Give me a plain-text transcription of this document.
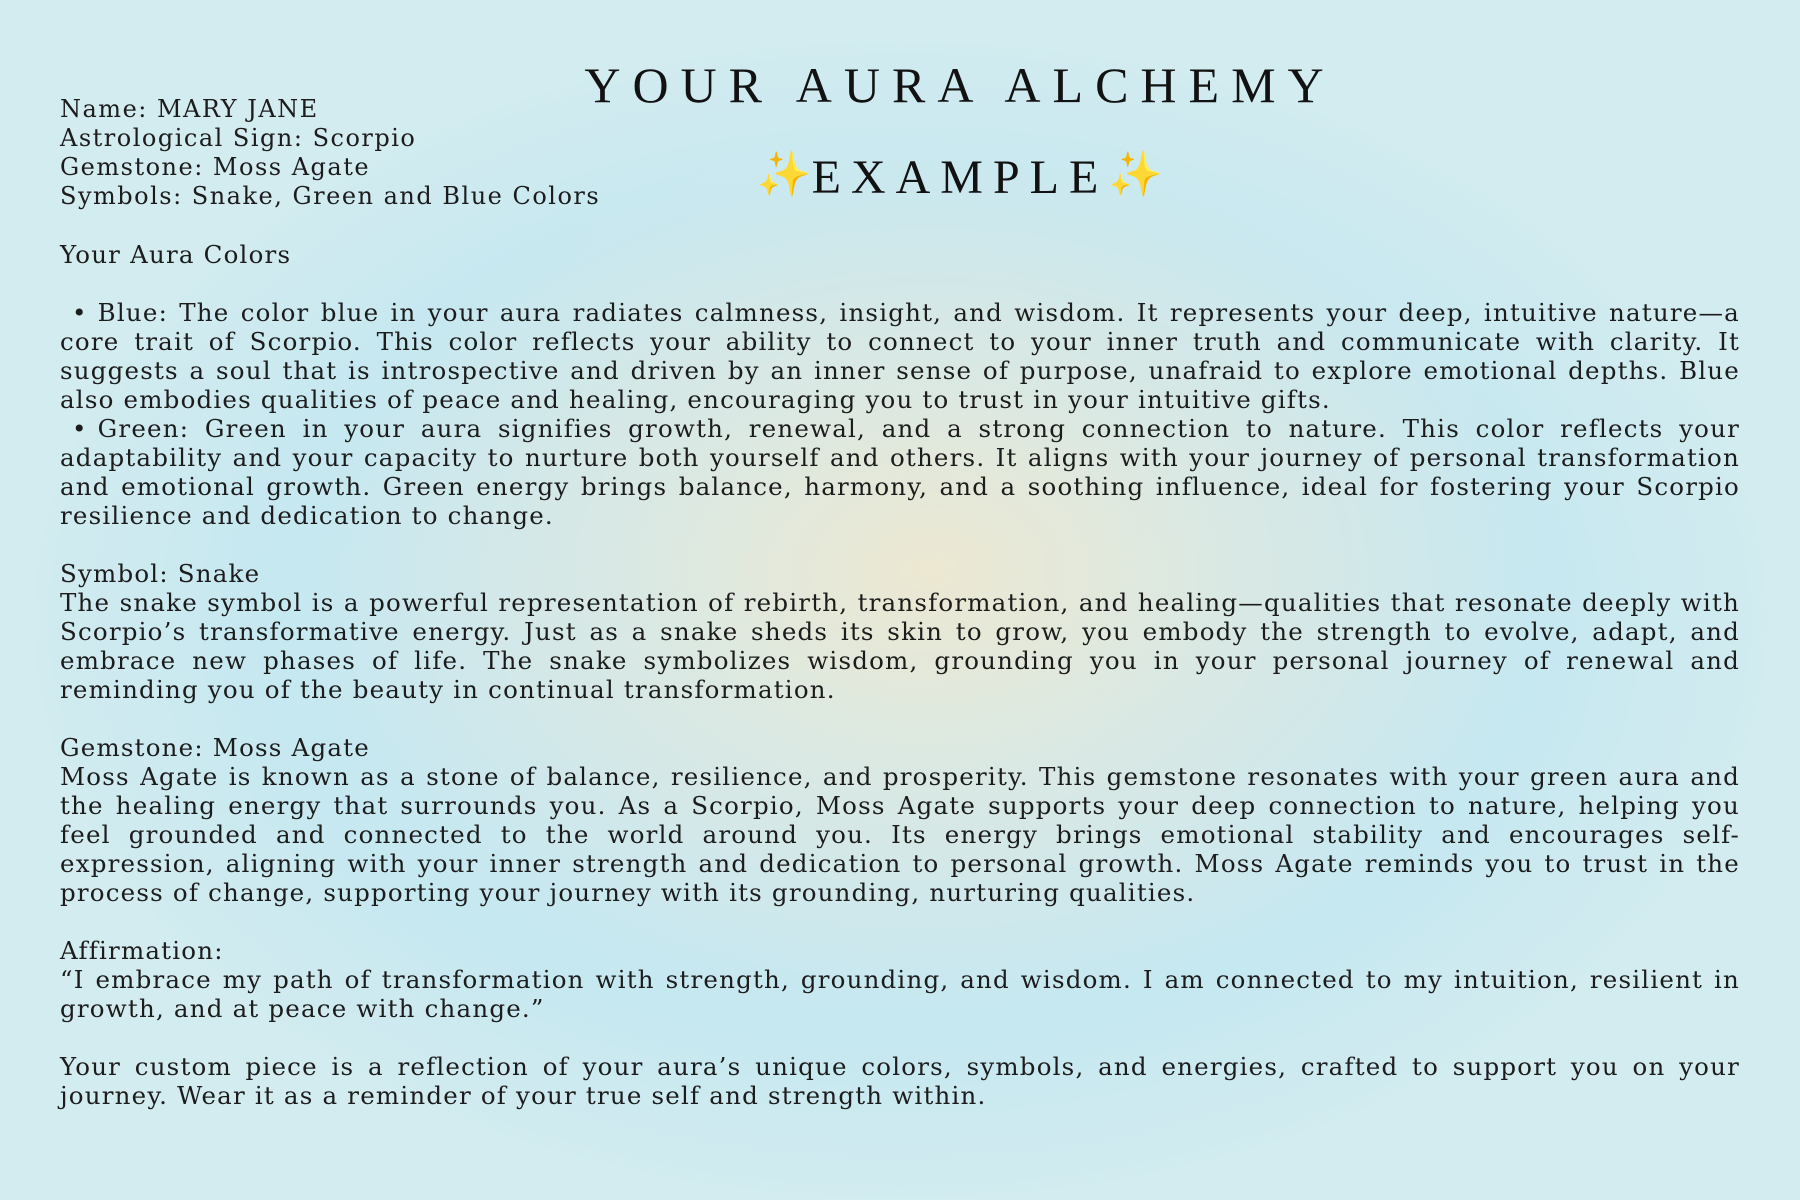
YOUR AURA ALCHEMY
✨EXAMPLE✨
Name: MARY JANE
Astrological Sign: Scorpio
Gemstone: Moss Agate
Symbols: Snake, Green and Blue Colors

Your Aura Colors

• Blue: The color blue in your aura radiates calmness, insight, and wisdom. It represents your deep, intuitive nature—a core trait of Scorpio. This color reflects your ability to connect to your inner truth and communicate with clarity. It suggests a soul that is introspective and driven by an inner sense of purpose, unafraid to explore emotional depths. Blue also embodies qualities of peace and healing, encouraging you to trust in your intuitive gifts.
• Green: Green in your aura signifies growth, renewal, and a strong connection to nature. This color reflects your adaptability and your capacity to nurture both yourself and others. It aligns with your journey of personal transformation and emotional growth. Green energy brings balance, harmony, and a soothing influence, ideal for fostering your Scorpio resilience and dedication to change.

Symbol: Snake

The snake symbol is a powerful representation of rebirth, transformation, and healing—qualities that resonate deeply with Scorpio’s transformative energy. Just as a snake sheds its skin to grow, you embody the strength to evolve, adapt, and embrace new phases of life. The snake symbolizes wisdom, grounding you in your personal journey of renewal and reminding you of the beauty in continual transformation.

Gemstone: Moss Agate

Moss Agate is known as a stone of balance, resilience, and prosperity. This gemstone resonates with your green aura and the healing energy that surrounds you. As a Scorpio, Moss Agate supports your deep connection to nature, helping you feel grounded and connected to the world around you. Its energy brings emotional stability and encourages self-expression, aligning with your inner strength and dedication to personal growth. Moss Agate reminds you to trust in the process of change, supporting your journey with its grounding, nurturing qualities.

Affirmation:

“I embrace my path of transformation with strength, grounding, and wisdom. I am connected to my intuition, resilient in growth, and at peace with change.”

Your custom piece is a reflection of your aura’s unique colors, symbols, and energies, crafted to support you on your journey. Wear it as a reminder of your true self and strength within.
